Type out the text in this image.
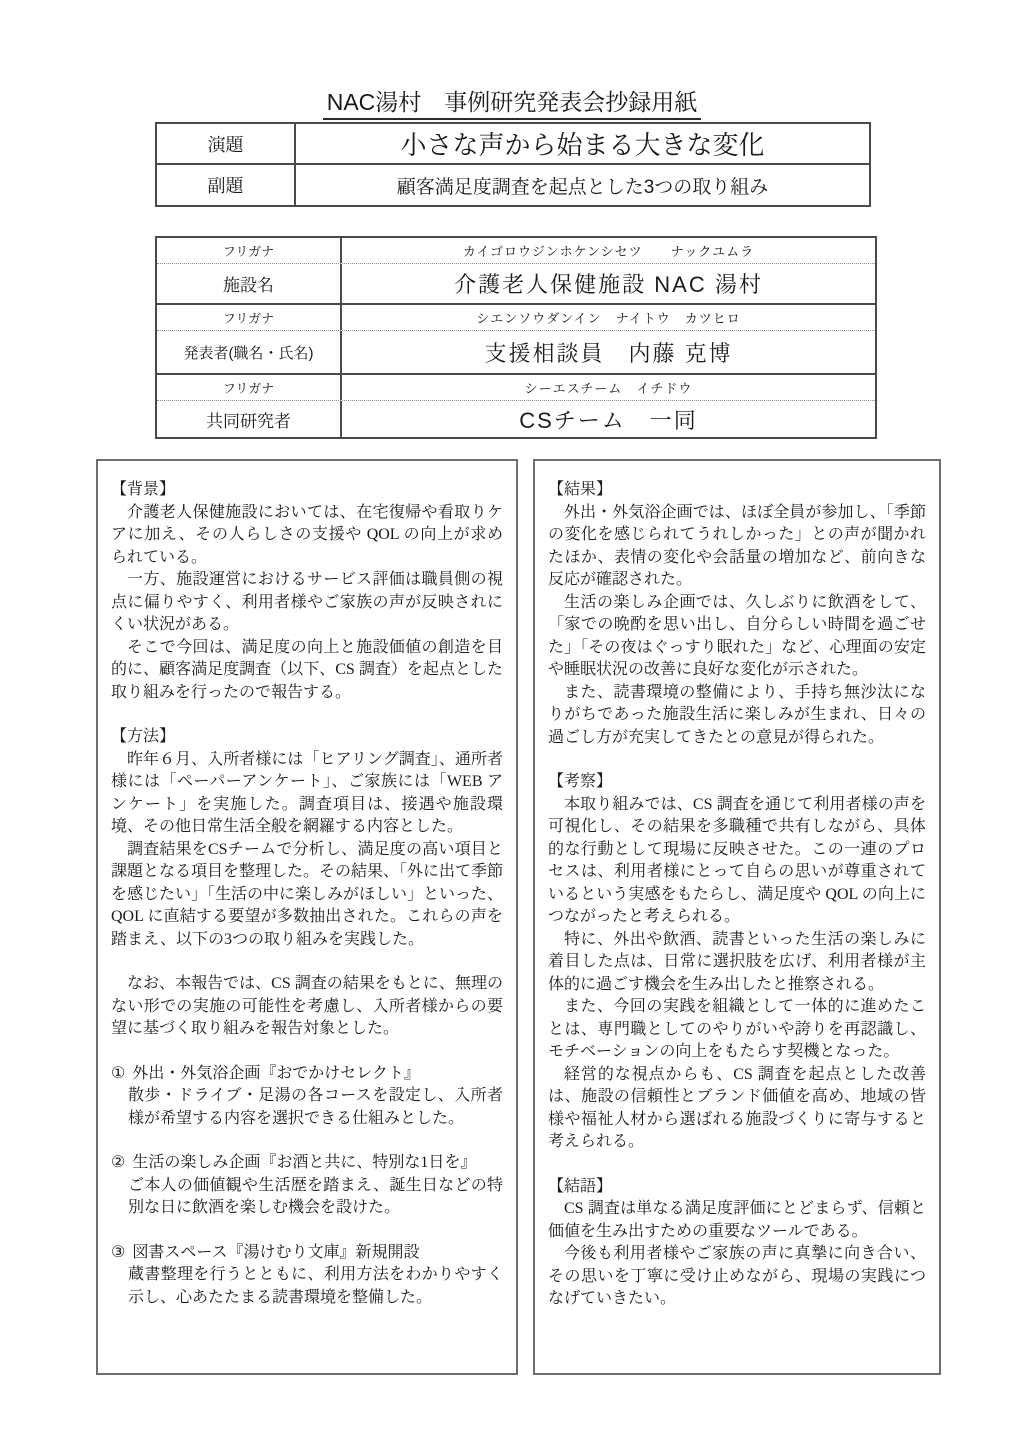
NAC湯村　事例研究発表会抄録用紙
演題	小さな声から始まる大きな変化
副題	顧客満足度調査を起点とした3つの取り組み
フリガナ	カイゴロウジンホケンシセツ　　ナックユムラ
施設名	介護老人保健施設 NAC 湯村
フリガナ	シエンソウダンイン　ナイトウ　カツヒロ
発表者(職名・氏名)	支援相談員　内藤 克博
フリガナ	シーエスチーム　イチドウ
共同研究者	CSチーム　一同

【背景】

介護老人保健施設においては、在宅復帰や看取りケアに加え、その人らしさの支援や QOL の向上が求められている。

一方、施設運営におけるサービス評価は職員側の視点に偏りやすく、利用者様やご家族の声が反映されにくい状況がある。

そこで今回は、満足度の向上と施設価値の創造を目的に、顧客満足度調査（以下、CS 調査）を起点とした取り組みを行ったので報告する。

【方法】

昨年６月、入所者様には「ヒアリング調査」、通所者様には「ペーパーアンケート」、ご家族には「WEB アンケート」を実施した。調査項目は、接遇や施設環境、その他日常生活全般を網羅する内容とした。

調査結果をCSチームで分析し、満足度の高い項目と課題となる項目を整理した。その結果、「外に出て季節を感じたい」「生活の中に楽しみがほしい」といった、QOL に直結する要望が多数抽出された。これらの声を踏まえ、以下の3つの取り組みを実践した。

なお、本報告では、CS 調査の結果をもとに、無理のない形での実施の可能性を考慮し、入所者様からの要望に基づく取り組みを報告対象とした。

① 外出・外気浴企画『おでかけセレクト』

散歩・ドライブ・足湯の各コースを設定し、入所者様が希望する内容を選択できる仕組みとした。

② 生活の楽しみ企画『お酒と共に、特別な1日を』

ご本人の価値観や生活歴を踏まえ、誕生日などの特別な日に飲酒を楽しむ機会を設けた。

③ 図書スペース『湯けむり文庫』新規開設

蔵書整理を行うとともに、利用方法をわかりやすく示し、心あたたまる読書環境を整備した。

【結果】

外出・外気浴企画では、ほぼ全員が参加し、「季節の変化を感じられてうれしかった」との声が聞かれたほか、表情の変化や会話量の増加など、前向きな反応が確認された。

生活の楽しみ企画では、久しぶりに飲酒をして、「家での晩酌を思い出し、自分らしい時間を過ごせた」「その夜はぐっすり眠れた」など、心理面の安定や睡眠状況の改善に良好な変化が示された。

また、読書環境の整備により、手持ち無沙汰になりがちであった施設生活に楽しみが生まれ、日々の過ごし方が充実してきたとの意見が得られた。

【考察】

本取り組みでは、CS 調査を通じて利用者様の声を可視化し、その結果を多職種で共有しながら、具体的な行動として現場に反映させた。この一連のプロセスは、利用者様にとって自らの思いが尊重されているという実感をもたらし、満足度や QOL の向上につながったと考えられる。

特に、外出や飲酒、読書といった生活の楽しみに着目した点は、日常に選択肢を広げ、利用者様が主体的に過ごす機会を生み出したと推察される。

また、今回の実践を組織として一体的に進めたことは、専門職としてのやりがいや誇りを再認識し、モチベーションの向上をもたらす契機となった。

経営的な視点からも、CS 調査を起点とした改善は、施設の信頼性とブランド価値を高め、地域の皆様や福祉人材から選ばれる施設づくりに寄与すると考えられる。

【結語】

CS 調査は単なる満足度評価にとどまらず、信頼と価値を生み出すための重要なツールである。

今後も利用者様やご家族の声に真摯に向き合い、その思いを丁寧に受け止めながら、現場の実践につなげていきたい。
